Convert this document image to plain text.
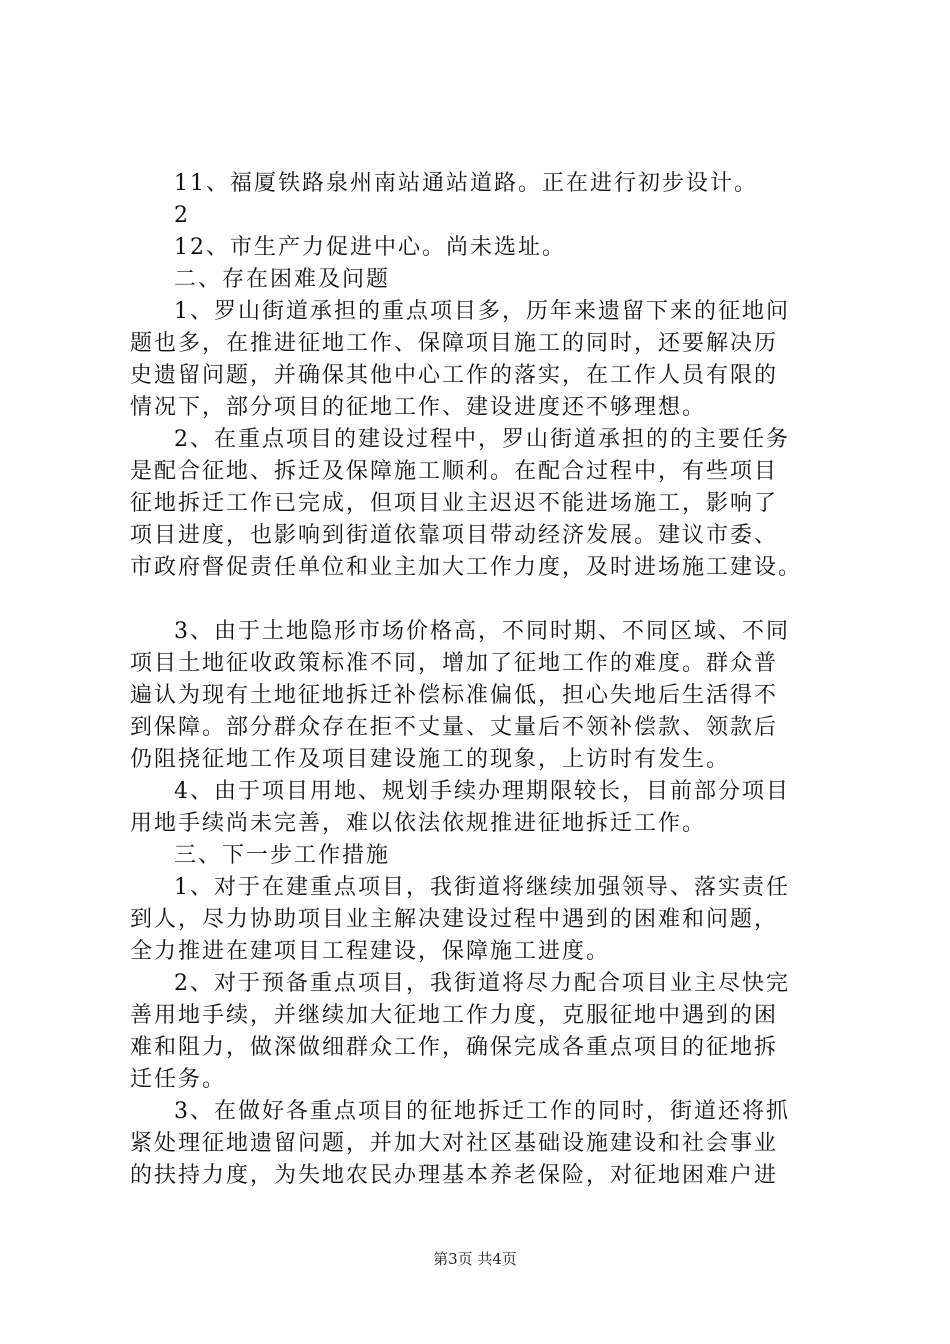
11、福厦铁路泉州南站通站道路。正在进行初步设计。

2

12、市生产力促进中心。尚未选址。

二、存在困难及问题

1、罗山街道承担的重点项目多，历年来遗留下来的征地问

题也多，在推进征地工作、保障项目施工的同时，还要解决历

史遗留问题，并确保其他中心工作的落实，在工作人员有限的

情况下，部分项目的征地工作、建设进度还不够理想。

2、在重点项目的建设过程中，罗山街道承担的的主要任务

是配合征地、拆迁及保障施工顺利。在配合过程中，有些项目

征地拆迁工作已完成，但项目业主迟迟不能进场施工，影响了

项目进度，也影响到街道依靠项目带动经济发展。建议市委、

市政府督促责任单位和业主加大工作力度，及时进场施工建设。

3、由于土地隐形市场价格高，不同时期、不同区域、不同

项目土地征收政策标准不同，增加了征地工作的难度。群众普

遍认为现有土地征地拆迁补偿标准偏低，担心失地后生活得不

到保障。部分群众存在拒不丈量、丈量后不领补偿款、领款后

仍阻挠征地工作及项目建设施工的现象，上访时有发生。

4、由于项目用地、规划手续办理期限较长，目前部分项目

用地手续尚未完善，难以依法依规推进征地拆迁工作。

三、下一步工作措施

1、对于在建重点项目，我街道将继续加强领导、落实责任

到人，尽力协助项目业主解决建设过程中遇到的困难和问题，

全力推进在建项目工程建设，保障施工进度。

2、对于预备重点项目，我街道将尽力配合项目业主尽快完

善用地手续，并继续加大征地工作力度，克服征地中遇到的困

难和阻力，做深做细群众工作，确保完成各重点项目的征地拆

迁任务。

3、在做好各重点项目的征地拆迁工作的同时，街道还将抓

紧处理征地遗留问题，并加大对社区基础设施建设和社会事业

的扶持力度，为失地农民办理基本养老保险，对征地困难户进

第3页 共4页
